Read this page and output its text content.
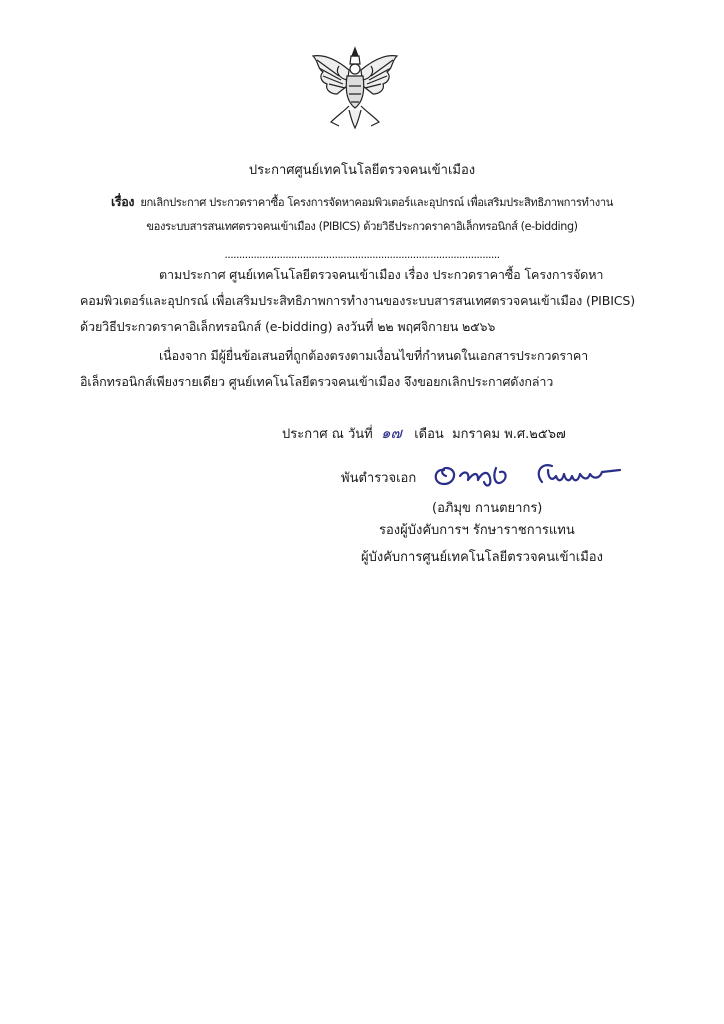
ประกาศศูนย์เทคโนโลยีตรวจคนเข้าเมือง
เรื่อง ยกเลิกประกาศ ประกวดราคาซื้อ โครงการจัดหาคอมพิวเตอร์และอุปกรณ์ เพื่อเสริมประสิทธิภาพการทำงาน
ของระบบสารสนเทศตรวจคนเข้าเมือง (PIBICS) ด้วยวิธีประกวดราคาอิเล็กทรอนิกส์ (e-bidding)
...............................................................................................
ตามประกาศ ศูนย์เทคโนโลยีตรวจคนเข้าเมือง เรื่อง ประกวดราคาซื้อ โครงการจัดหา
คอมพิวเตอร์และอุปกรณ์ เพื่อเสริมประสิทธิภาพการทำงานของระบบสารสนเทศตรวจคนเข้าเมือง (PIBICS)
ด้วยวิธีประกวดราคาอิเล็กทรอนิกส์ (e-bidding) ลงวันที่ ๒๒ พฤศจิกายน ๒๕๖๖
เนื่องจาก มีผู้ยื่นข้อเสนอที่ถูกต้องตรงตามเงื่อนไขที่กำหนดในเอกสารประกวดราคา
อิเล็กทรอนิกส์เพียงรายเดียว ศูนย์เทคโนโลยีตรวจคนเข้าเมือง จึงขอยกเลิกประกาศดังกล่าว
ประกาศ ณ วันที่ ๑๗ เดือน มกราคม พ.ศ.๒๕๖๗
พันตำรวจเอก
(อภิมุข กานตยากร)
รองผู้บังคับการฯ รักษาราชการแทน
ผู้บังคับการศูนย์เทคโนโลยีตรวจคนเข้าเมือง
